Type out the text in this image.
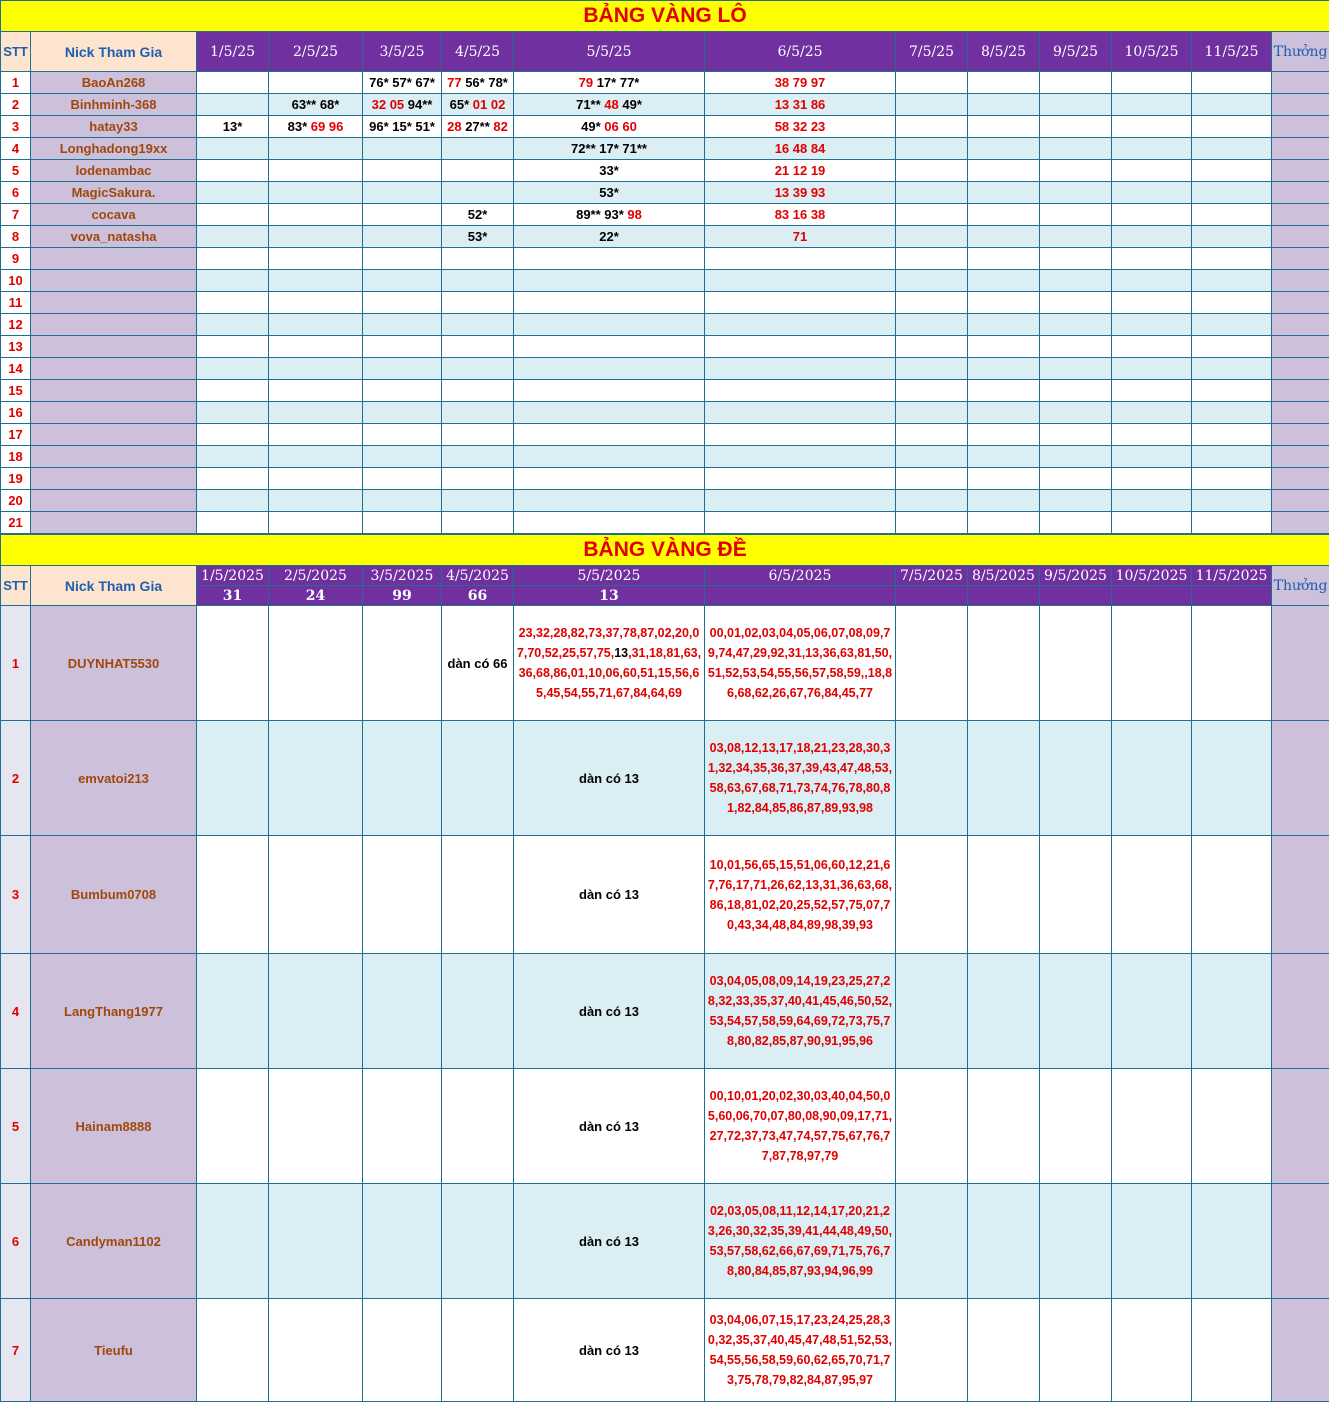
BẢNG VÀNG LÔ													
STT	Nick Tham Gia	1/5/25	2/5/25	3/5/25	4/5/25	5/5/25	6/5/25	7/5/25	8/5/25	9/5/25	10/5/25	11/5/25	Thưởng
1	BaoAn268			76* 57* 67*	77 56* 78*	79 17* 77*	38 79 97						
2	Binhminh-368		63** 68*	32 05 94**	65* 01 02	71** 48 49*	13 31 86						
3	hatay33	13*	83* 69 96	96* 15* 51*	28 27** 82	49* 06 60	58 32 23						
4	Longhadong19xx					72** 17* 71**	16 48 84						
5	lodenambac					33*	21 12 19						
6	MagicSakura.					53*	13 39 93						
7	cocava				52*	89** 93* 98	83 16 38						
8	vova_natasha				53*	22*	71						
9													
10													
11													
12													
13													
14													
15													
16													
17													
18													
19													
20													
21													
BẢNG VÀNG ĐỀ													
STT	Nick Tham Gia	1/5/2025	2/5/2025	3/5/2025	4/5/2025	5/5/2025	6/5/2025	7/5/2025	8/5/2025	9/5/2025	10/5/2025	11/5/2025	Thưởng
		31	24	99	66	13							
1	DUYNHAT5530				dàn có 66	23,32,28,82,73,37,78,87,02,20,07,70,52,25,57,75,13,31,18,81,63,36,68,86,01,10,06,60,51,15,56,65,45,54,55,71,67,84,64,69	00,01,02,03,04,05,06,07,08,09,79,74,47,29,92,31,13,36,63,81,50,51,52,53,54,55,56,57,58,59,,18,86,68,62,26,67,76,84,45,77						
2	emvatoi213					dàn có 13	03,08,12,13,17,18,21,23,28,30,31,32,34,35,36,37,39,43,47,48,53,58,63,67,68,71,73,74,76,78,80,81,82,84,85,86,87,89,93,98						
3	Bumbum0708					dàn có 13	10,01,56,65,15,51,06,60,12,21,67,76,17,71,26,62,13,31,36,63,68,86,18,81,02,20,25,52,57,75,07,70,43,34,48,84,89,98,39,93						
4	LangThang1977					dàn có 13	03,04,05,08,09,14,19,23,25,27,28,32,33,35,37,40,41,45,46,50,52,53,54,57,58,59,64,69,72,73,75,78,80,82,85,87,90,91,95,96						
5	Hainam8888					dàn có 13	00,10,01,20,02,30,03,40,04,50,05,60,06,70,07,80,08,90,09,17,71,27,72,37,73,47,74,57,75,67,76,77,87,78,97,79						
6	Candyman1102					dàn có 13	02,03,05,08,11,12,14,17,20,21,23,26,30,32,35,39,41,44,48,49,50,53,57,58,62,66,67,69,71,75,76,78,80,84,85,87,93,94,96,99						
7	Tieufu					dàn có 13	03,04,06,07,15,17,23,24,25,28,30,32,35,37,40,45,47,48,51,52,53,54,55,56,58,59,60,62,65,70,71,73,75,78,79,82,84,87,95,97						
